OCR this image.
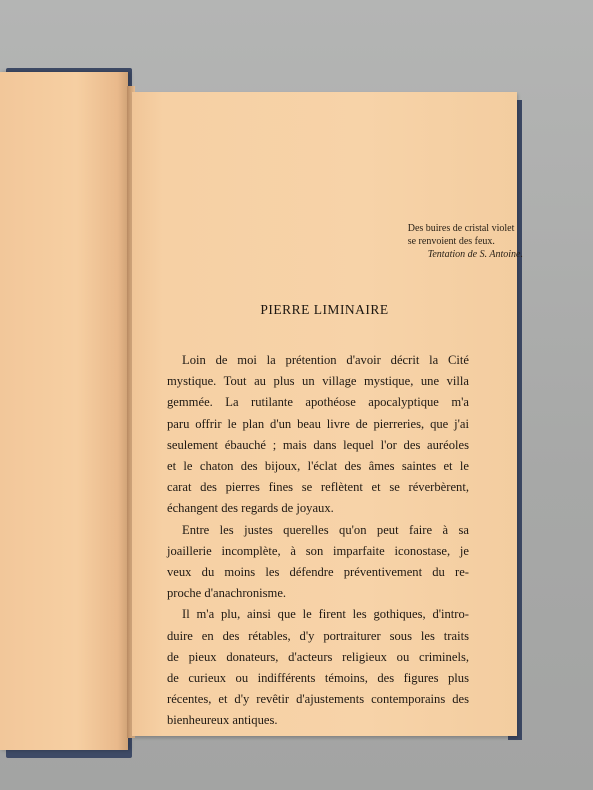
Des buires de cristal violet
se renvoient des feux.
Tentation de S. Antoine.
PIERRE LIMINAIRE
Loin de moi la prétention d'avoir décrit la Cité
mystique. Tout au plus un village mystique, une villa
gemmée. La rutilante apothéose apocalyptique m'a
paru offrir le plan d'un beau livre de pierreries, que j'ai
seulement ébauché ; mais dans lequel l'or des auréoles
et le chaton des bijoux, l'éclat des âmes saintes et le
carat des pierres fines se reflètent et se réverbèrent,
échangent des regards de joyaux.
Entre les justes querelles qu'on peut faire à sa
joaillerie incomplète, à son imparfaite iconostase, je
veux du moins les défendre préventivement du re-
proche d'anachronisme.
Il m'a plu, ainsi que le firent les gothiques, d'intro-
duire en des rétables, d'y portraiturer sous les traits
de pieux donateurs, d'acteurs religieux ou criminels,
de curieux ou indifférents témoins, des figures plus
récentes, et d'y revêtir d'ajustements contemporains des
bienheureux antiques.
